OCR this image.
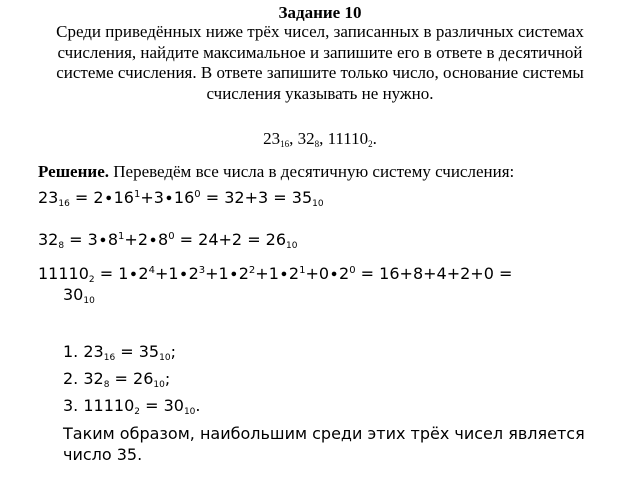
Задание 10
Среди приведённых ниже трёх чисел, записанных в различных системах счисления, найдите максимальное и запишите его в ответе в десятичной системе счисления. В ответе запишите только число, основание системы счисления указывать не нужно.
$23_{16}$, $32_8$, $11110_2$.
Решение. Переведём все числа в десятичную систему счисления:
$23_{16} = 2\cdot 16^1+3\cdot 16^0 = 32+3 = 35_{10}$
$32_8 = 3\cdot 8^1+2\cdot 8^0 = 24+2 = 26_{10}$
$11110_2 = 1\cdot 2^4+1\cdot 2^3+1\cdot 2^2+1\cdot 2^1+0\cdot 2^0 = 16+8+4+2+0$ =
$30_{10}$
1. $23_{16} = 35_{10}$;
2. $32_8 = 26_{10}$;
3. $11110_2 = 30_{10}$.
Таким образом, наибольшим среди этих трёх чисел является число 35.
